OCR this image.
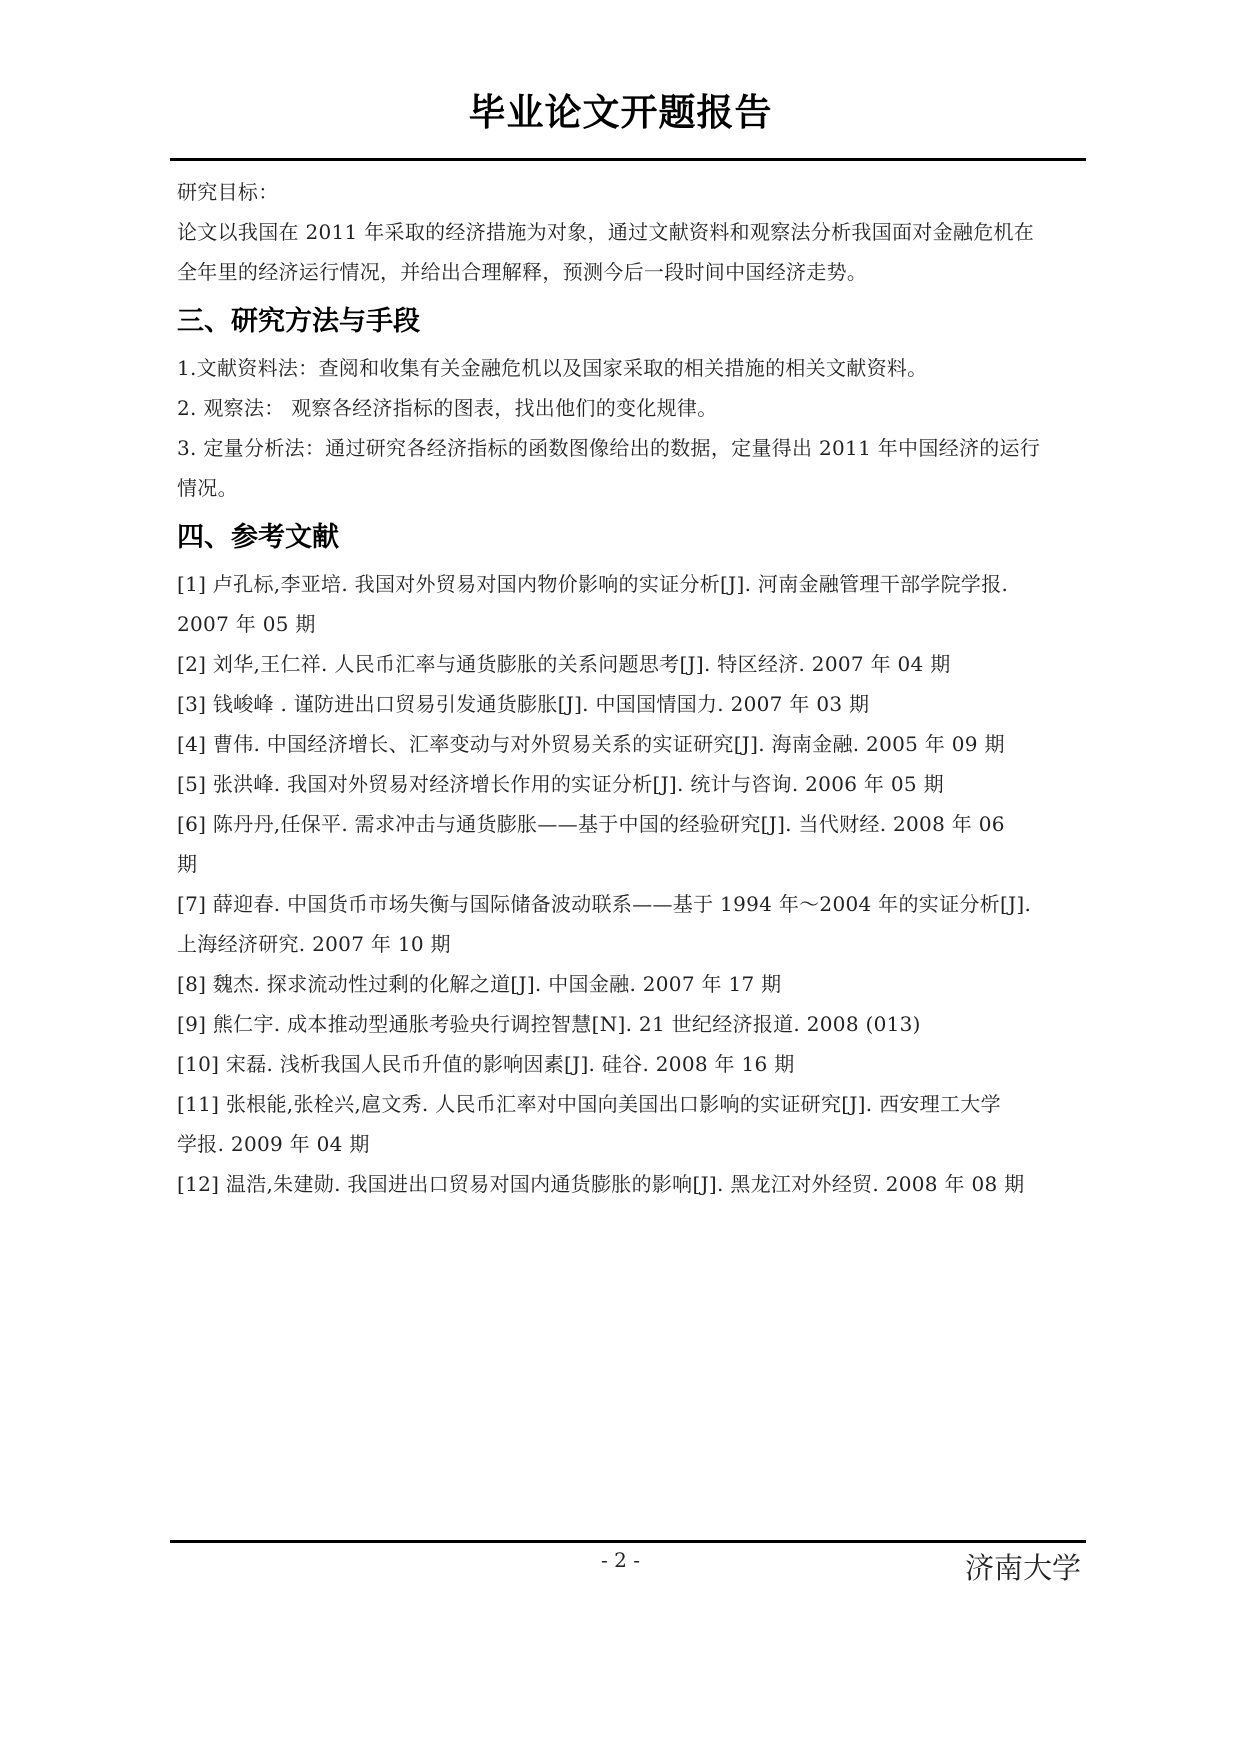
毕业论文开题报告
研究目标：
论文以我国在 2011 年采取的经济措施为对象，通过文献资料和观察法分析我国面对金融危机在
全年里的经济运行情况，并给出合理解释，预测今后一段时间中国经济走势。
三、研究方法与手段
1.文献资料法：查阅和收集有关金融危机以及国家采取的相关措施的相关文献资料。
2. 观察法： 观察各经济指标的图表，找出他们的变化规律。
3. 定量分析法：通过研究各经济指标的函数图像给出的数据，定量得出 2011 年中国经济的运行
情况。
四、参考文献
[1] 卢孔标,李亚培. 我国对外贸易对国内物价影响的实证分析[J]. 河南金融管理干部学院学报.
2007 年 05 期
[2] 刘华,王仁祥. 人民币汇率与通货膨胀的关系问题思考[J]. 特区经济. 2007 年 04 期
[3] 钱峻峰 . 谨防进出口贸易引发通货膨胀[J]. 中国国情国力. 2007 年 03 期
[4] 曹伟. 中国经济增长、汇率变动与对外贸易关系的实证研究[J]. 海南金融. 2005 年 09 期
[5] 张洪峰. 我国对外贸易对经济增长作用的实证分析[J]. 统计与咨询. 2006 年 05 期
[6] 陈丹丹,任保平. 需求冲击与通货膨胀——基于中国的经验研究[J]. 当代财经. 2008 年 06
期
[7] 薛迎春. 中国货币市场失衡与国际储备波动联系——基于 1994 年～2004 年的实证分析[J].
上海经济研究. 2007 年 10 期
[8] 魏杰. 探求流动性过剩的化解之道[J]. 中国金融. 2007 年 17 期
[9] 熊仁宇. 成本推动型通胀考验央行调控智慧[N]. 21 世纪经济报道. 2008 (013)
[10] 宋磊. 浅析我国人民币升值的影响因素[J]. 硅谷. 2008 年 16 期
[11] 张根能,张栓兴,扈文秀. 人民币汇率对中国向美国出口影响的实证研究[J]. 西安理工大学
学报. 2009 年 04 期
[12] 温浩,朱建勋. 我国进出口贸易对国内通货膨胀的影响[J]. 黑龙江对外经贸. 2008 年 08 期
- 2 -	济南大学
